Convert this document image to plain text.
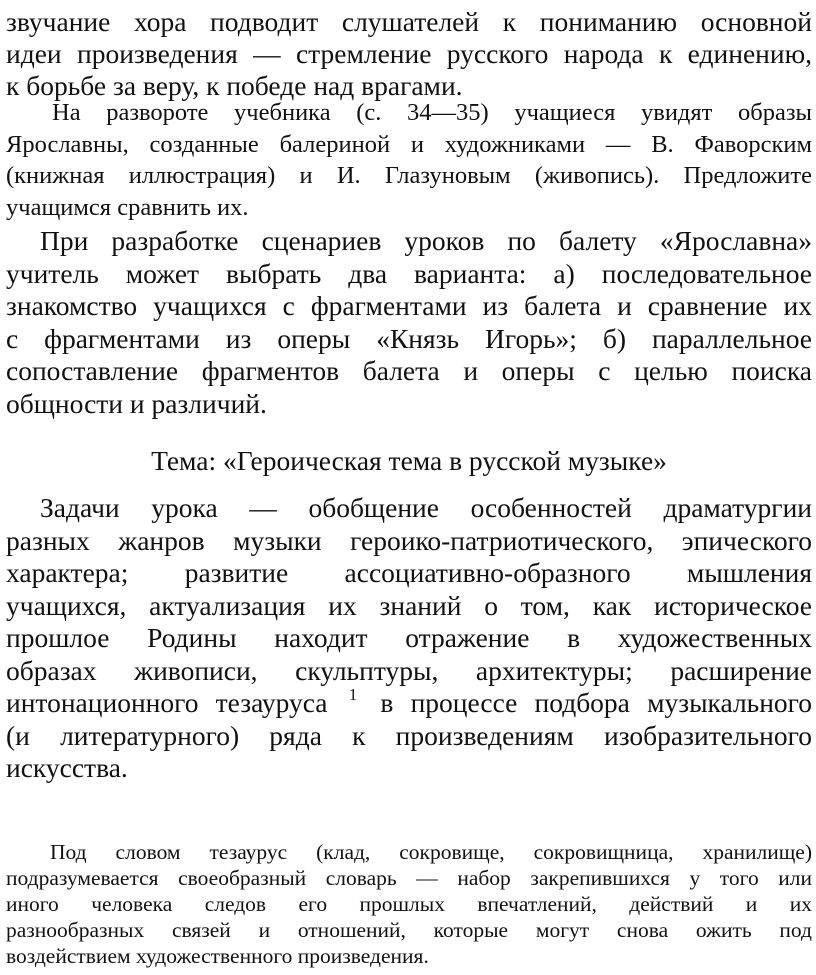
звучание хора подводит слушателей к пониманию основной
идеи произведения — стремление русского народа к единению,
к борьбе за веру, к победе над врагами.
На развороте учебника (с. 34—35) учащиеся увидят образы
Ярославны, созданные балериной и художниками — В. Фаворским
(книжная иллюстрация) и И. Глазуновым (живопись). Предложите
учащимся сравнить их.
При разработке сценариев уроков по балету «Ярославна»
учитель может выбрать два варианта: а) последовательное
знакомство учащихся с фрагментами из балета и сравнение их
с фрагментами из оперы «Князь Игорь»; б) параллельное
сопоставление фрагментов балета и оперы с целью поиска
общности и различий.
Тема: «Героическая тема в русской музыке»
Задачи урока — обобщение особенностей драматургии
разных жанров музыки героико-патриотического, эпического
характера; развитие ассоциативно-образного мышления
учащихся, актуализация их знаний о том, как историческое
прошлое Родины находит отражение в художественных
образах живописи, скульптуры, архитектуры; расширение
интонационного тезауруса $^1$ в процессе подбора музыкального
(и литературного) ряда к произведениям изобразительного
искусства.
Под словом тезаурус (клад, сокровище, сокровищница, хранилище)
подразумевается своеобразный словарь — набор закрепившихся у того или
иного человека следов его прошлых впечатлений, действий и их
разнообразных связей и отношений, которые могут снова ожить под
воздействием художественного произведения.
